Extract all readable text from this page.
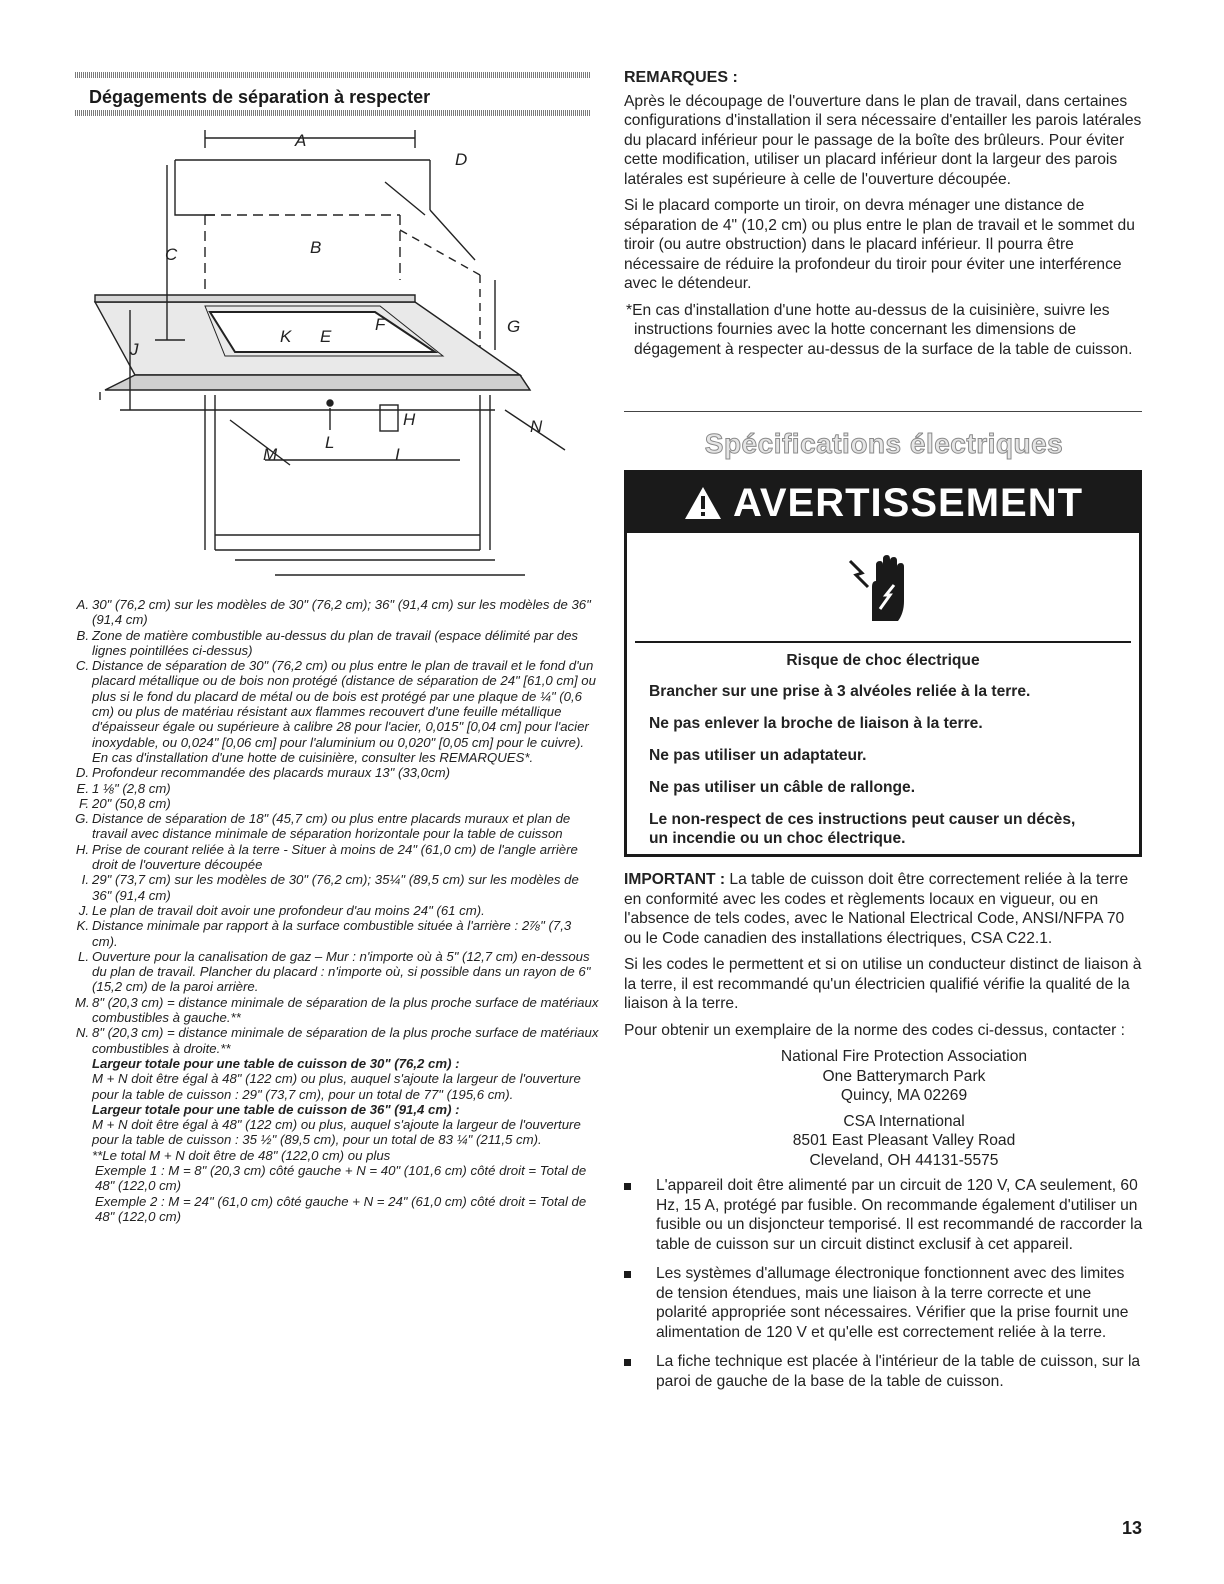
Dégagements de séparation à respecter
A
B
C
D
E
F	G
H
I
J
K
L
M
N
A. 30" (76,2 cm) sur les modèles de 30" (76,2 cm); 36" (91,4 cm) sur les modèles de 36" (91,4 cm)
B. Zone de matière combustible au-dessus du plan de travail (espace délimité par des lignes pointillées ci-dessus)
C. Distance de séparation de 30" (76,2 cm) ou plus entre le plan de travail et le fond d'un placard métallique ou de bois non protégé (distance de séparation de 24" [61,0 cm] ou plus si le fond du placard de métal ou de bois est protégé par une plaque de ¼" (0,6 cm) ou plus de matériau résistant aux flammes recouvert d'une feuille métallique d'épaisseur égale ou supérieure à calibre 28 pour l'acier, 0,015" [0,04 cm] pour l'acier inoxydable, ou 0,024" [0,06 cm] pour l'aluminium ou 0,020" [0,05 cm] pour le cuivre). En cas d'installation d'une hotte de cuisinière, consulter les REMARQUES*.
D. Profondeur recommandée des placards muraux 13" (33,0cm)
E. 1 ⅛" (2,8 cm)
F. 20" (50,8 cm)
G. Distance de séparation de 18" (45,7 cm) ou plus entre placards muraux et plan de travail avec distance minimale de séparation horizontale pour la table de cuisson
H. Prise de courant reliée à la terre - Situer à moins de 24" (61,0 cm) de l'angle arrière droit de l'ouverture découpée
I. 29" (73,7 cm) sur les modèles de 30" (76,2 cm); 35¼" (89,5 cm) sur les modèles de 36" (91,4 cm)
J. Le plan de travail doit avoir une profondeur d'au moins 24" (61 cm).
K. Distance minimale par rapport à la surface combustible située à l'arrière : 2⅞" (7,3 cm).
L. Ouverture pour la canalisation de gaz – Mur : n'importe où à 5" (12,7 cm) en-dessous du plan de travail. Plancher du placard : n'importe où, si possible dans un rayon de 6" (15,2 cm) de la paroi arrière.
M. 8" (20,3 cm) = distance minimale de séparation de la plus proche surface de matériaux combustibles à gauche.**
N. 8" (20,3 cm) = distance minimale de séparation de la plus proche surface de matériaux combustibles à droite.**
Largeur totale pour une table de cuisson de 30" (76,2 cm) :
M + N doit être égal à 48" (122 cm) ou plus, auquel s'ajoute la largeur de l'ouverture pour la table de cuisson : 29" (73,7 cm), pour un total de 77" (195,6 cm).
Largeur totale pour une table de cuisson de 36" (91,4 cm) :
M + N doit être égal à 48" (122 cm) ou plus, auquel s'ajoute la largeur de l'ouverture pour la table de cuisson : 35 ½" (89,5 cm), pour un total de 83 ¼" (211,5 cm).
**Le total M + N doit être de 48" (122,0 cm) ou plus
Exemple 1 : M = 8" (20,3 cm) côté gauche + N = 40" (101,6 cm) côté droit = Total de 48" (122,0 cm)
Exemple 2 : M = 24" (61,0 cm) côté gauche + N = 24" (61,0 cm) côté droit = Total de 48" (122,0 cm)
REMARQUES :

Après le découpage de l'ouverture dans le plan de travail, dans certaines configurations d'installation il sera nécessaire d'entailler les parois latérales du placard inférieur pour le passage de la boîte des brûleurs. Pour éviter cette modification, utiliser un placard inférieur dont la largeur des parois latérales est supérieure à celle de l'ouverture découpée.

Si le placard comporte un tiroir, on devra ménager une distance de séparation de 4" (10,2 cm) ou plus entre le plan de travail et le sommet du tiroir (ou autre obstruction) dans le placard inférieur. Il pourra être nécessaire de réduire la profondeur du tiroir pour éviter une interférence avec le détendeur.

*En cas d'installation d'une hotte au-dessus de la cuisinière, suivre les instructions fournies avec la hotte concernant les dimensions de dégagement à respecter au-dessus de la surface de la table de cuisson.

Spécifications électriques
AVERTISSEMENT
Risque de choc électrique
Brancher sur une prise à 3 alvéoles reliée à la terre.
Ne pas enlever la broche de liaison à la terre.
Ne pas utiliser un adaptateur.
Ne pas utiliser un câble de rallonge.
Le non-respect de ces instructions peut causer un décès, un incendie ou un choc électrique.

IMPORTANT : La table de cuisson doit être correctement reliée à la terre en conformité avec les codes et règlements locaux en vigueur, ou en l'absence de tels codes, avec le National Electrical Code, ANSI/NFPA 70 ou le Code canadien des installations électriques, CSA C22.1.

Si les codes le permettent et si on utilise un conducteur distinct de liaison à la terre, il est recommandé qu'un électricien qualifié vérifie la qualité de la liaison à la terre.

Pour obtenir un exemplaire de la norme des codes ci-dessus, contacter :

National Fire Protection Association
One Batterymarch Park
Quincy, MA 02269
CSA International
8501 East Pleasant Valley Road
Cleveland, OH 44131-5575
L'appareil doit être alimenté par un circuit de 120 V, CA seulement, 60 Hz, 15 A, protégé par fusible. On recommande également d'utiliser un fusible ou un disjoncteur temporisé. Il est recommandé de raccorder la table de cuisson sur un circuit distinct exclusif à cet appareil.
Les systèmes d'allumage électronique fonctionnent avec des limites de tension étendues, mais une liaison à la terre correcte et une polarité appropriée sont nécessaires. Vérifier que la prise fournit une alimentation de 120 V et qu'elle est correctement reliée à la terre.
La fiche technique est placée à l'intérieur de la table de cuisson, sur la paroi de gauche de la base de la table de cuisson.
13
